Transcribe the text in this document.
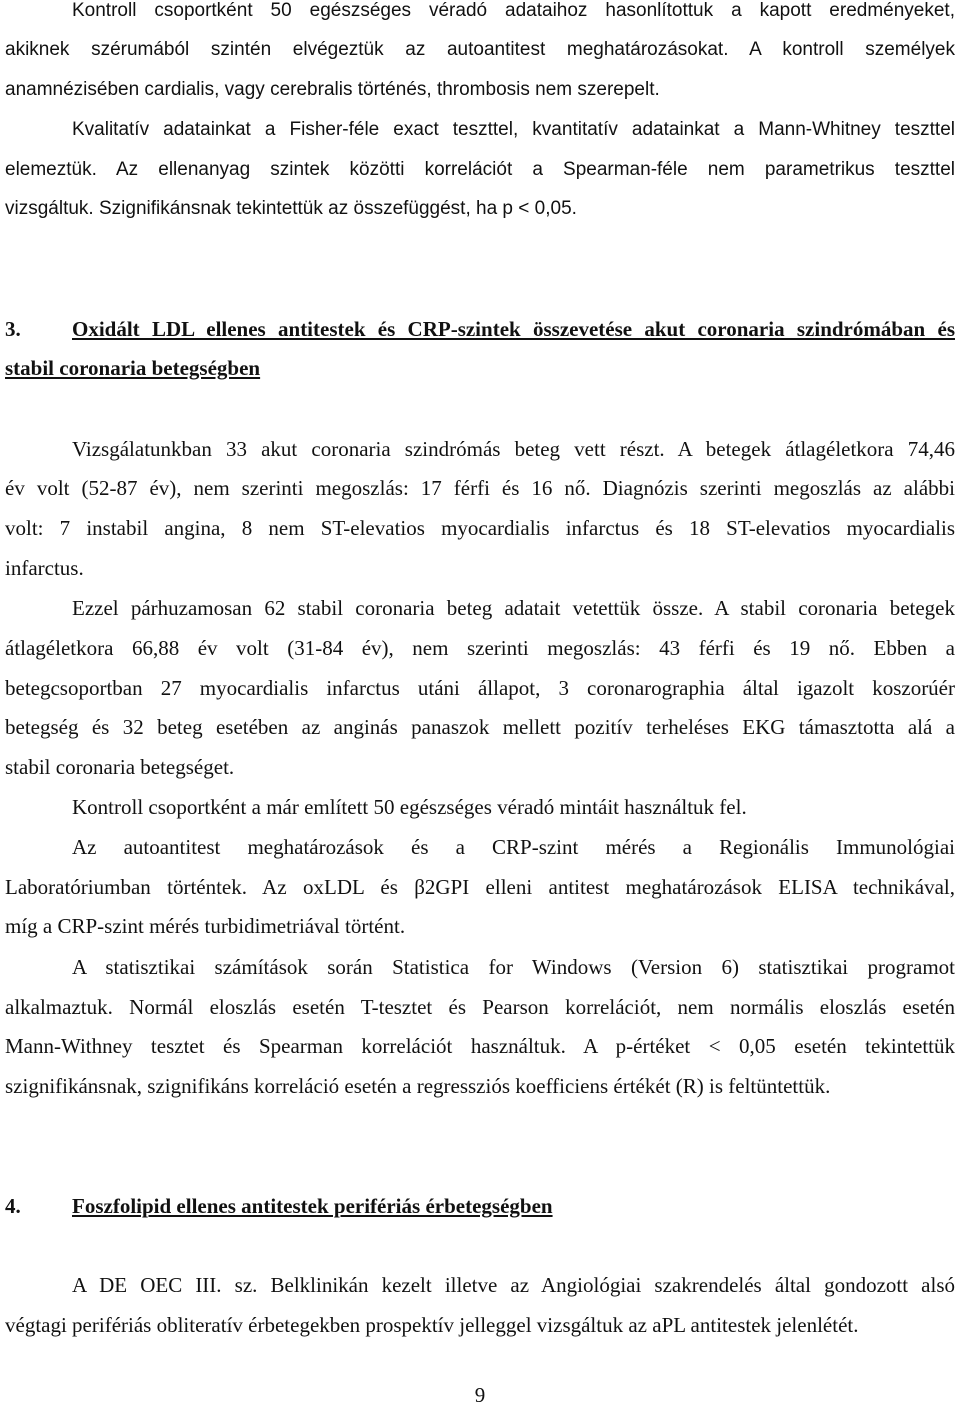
Kontroll csoportként 50 egészséges véradó adataihoz hasonlítottuk a kapott eredményeket,
akiknek szérumából szintén elvégeztük az autoantitest meghatározásokat. A kontroll személyek
anamnézisében cardialis, vagy cerebralis történés, thrombosis nem szerepelt.
Kvalitatív adatainkat a Fisher-féle exact teszttel, kvantitatív adatainkat a Mann-Whitney teszttel
elemeztük. Az ellenanyag szintek közötti korrelációt a Spearman-féle nem parametrikus teszttel
vizsgáltuk. Szignifikánsnak tekintettük az összefüggést, ha p < 0,05.
3. Oxidált LDL ellenes antitestek és CRP-szintek összevetése akut coronaria szindrómában és
stabil coronaria betegségben
Vizsgálatunkban 33 akut coronaria szindrómás beteg vett részt. A betegek átlagéletkora 74,46
év volt (52-87 év), nem szerinti megoszlás: 17 férfi és 16 nő. Diagnózis szerinti megoszlás az alábbi
volt: 7 instabil angina, 8 nem ST-elevatios myocardialis infarctus és 18 ST-elevatios myocardialis
infarctus.
Ezzel párhuzamosan 62 stabil coronaria beteg adatait vetettük össze. A stabil coronaria betegek
átlagéletkora 66,88 év volt (31-84 év), nem szerinti megoszlás: 43 férfi és 19 nő. Ebben a
betegcsoportban 27 myocardialis infarctus utáni állapot, 3 coronarographia által igazolt koszorúér
betegség és 32 beteg esetében az anginás panaszok mellett pozitív terheléses EKG támasztotta alá a
stabil coronaria betegséget.
Kontroll csoportként a már említett 50 egészséges véradó mintáit használtuk fel.
Az autoantitest meghatározások és a CRP-szint mérés a Regionális Immunológiai
Laboratóriumban történtek. Az oxLDL és β2GPI elleni antitest meghatározások ELISA technikával,
míg a CRP-szint mérés turbidimetriával történt.
A statisztikai számítások során Statistica for Windows (Version 6) statisztikai programot
alkalmaztuk. Normál eloszlás esetén T-tesztet és Pearson korrelációt, nem normális eloszlás esetén
Mann-Withney tesztet és Spearman korrelációt használtuk. A p-értéket < 0,05 esetén tekintettük
szignifikánsnak, szignifikáns korreláció esetén a regressziós koefficiens értékét (R) is feltüntettük.
4. Foszfolipid ellenes antitestek perifériás érbetegségben
A DE OEC III. sz. Belklinikán kezelt illetve az Angiológiai szakrendelés által gondozott alsó
végtagi perifériás obliteratív érbetegekben prospektív jelleggel vizsgáltuk az aPL antitestek jelenlétét.
9
